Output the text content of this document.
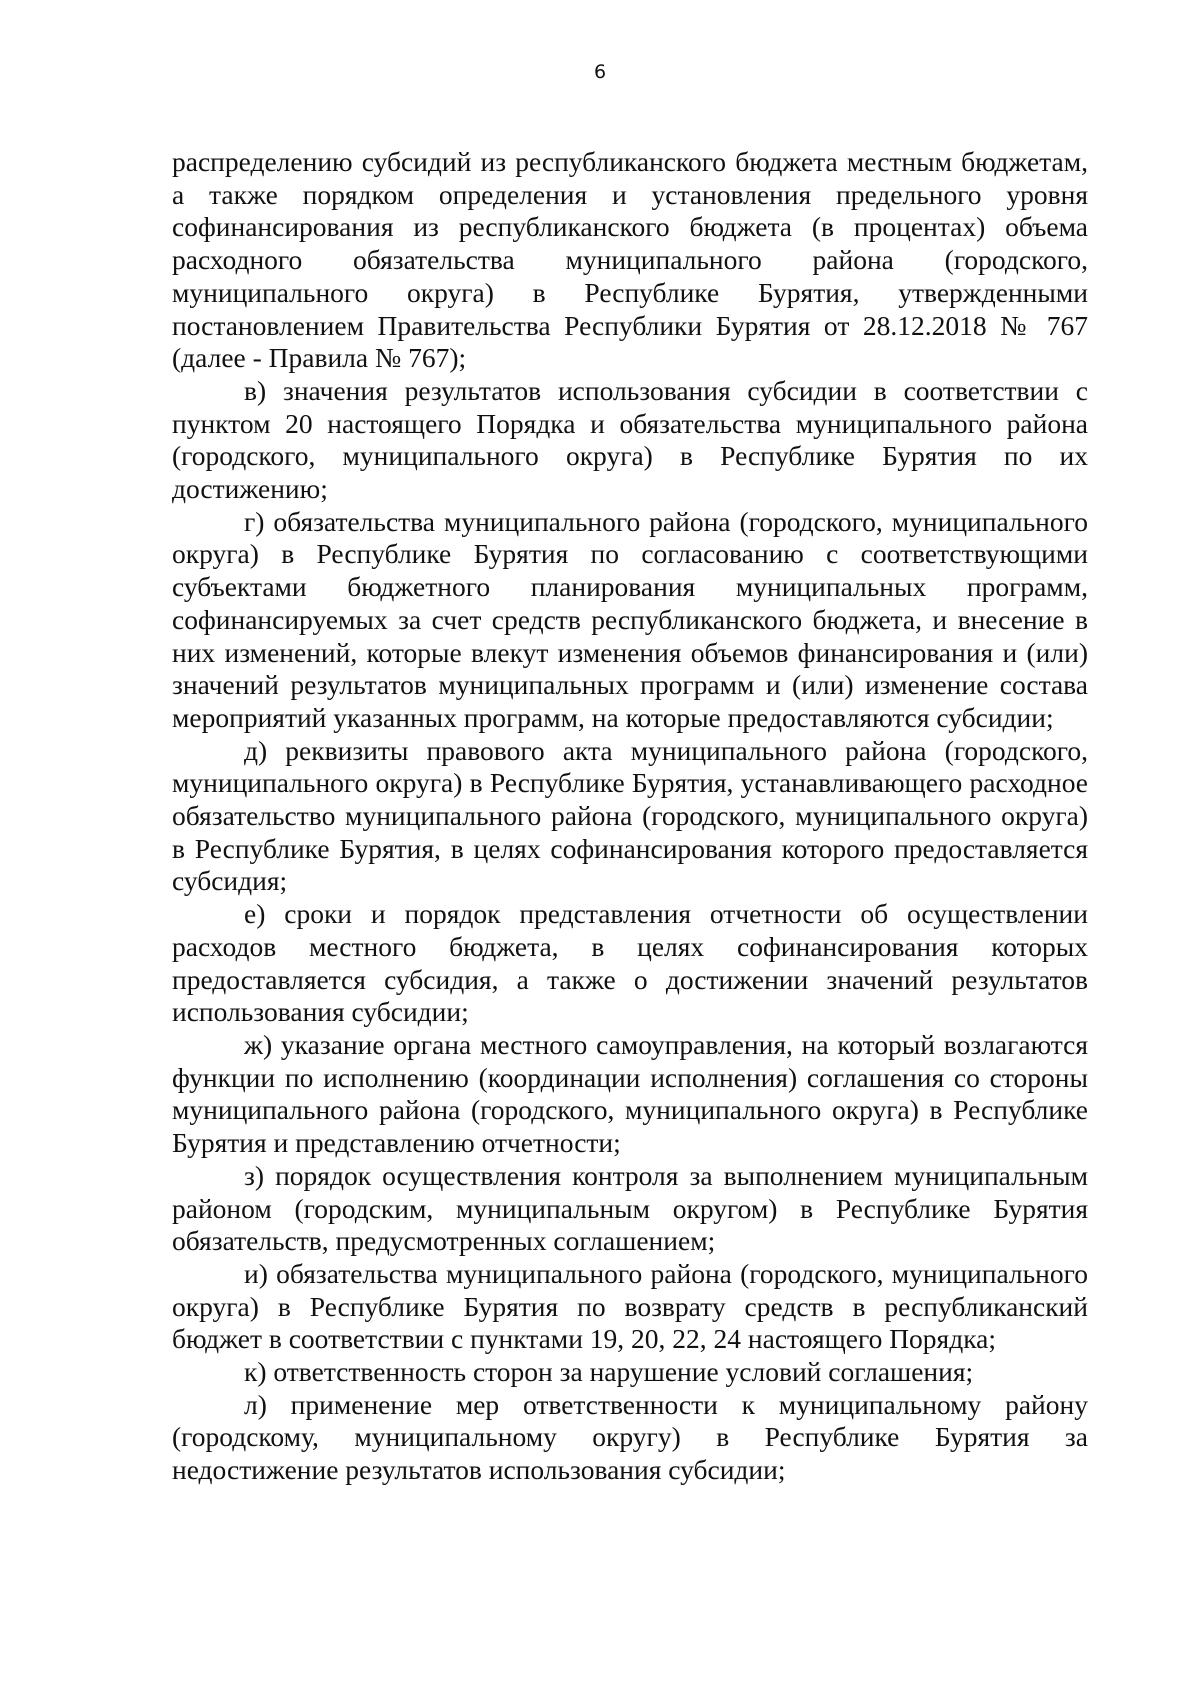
6

распределению субсидий из республиканского бюджета местным бюджетам, а также порядком определения и установления предельного уровня софинансирования из республиканского бюджета (в процентах) объема расходного обязательства муниципального района (городского, муниципального округа) в Республике Бурятия, утвержденными постановлением Правительства Республики Бурятия от 28.12.2018 № 767 (далее - Правила № 767);

в) значения результатов использования субсидии в соответствии с пунктом 20 настоящего Порядка и обязательства муниципального района (городского, муниципального округа) в Республике Бурятия по их достижению;

г) обязательства муниципального района (городского, муниципального округа) в Республике Бурятия по согласованию с соответствующими субъектами бюджетного планирования муниципальных программ, софинансируемых за счет средств республиканского бюджета, и внесение в них изменений, которые влекут изменения объемов финансирования и (или) значений результатов муниципальных программ и (или) изменение состава мероприятий указанных программ, на которые предоставляются субсидии;

д) реквизиты правового акта муниципального района (городского, муниципального округа) в Республике Бурятия, устанавливающего расходное обязательство муниципального района (городского, муниципального округа) в Республике Бурятия, в целях софинансирования которого предоставляется субсидия;

е) сроки и порядок представления отчетности об осуществлении расходов местного бюджета, в целях софинансирования которых предоставляется субсидия, а также о достижении значений результатов использования субсидии;

ж) указание органа местного самоуправления, на который возлагаются функции по исполнению (координации исполнения) соглашения со стороны муниципального района (городского, муниципального округа) в Республике Бурятия и представлению отчетности;

з) порядок осуществления контроля за выполнением муниципальным районом (городским, муниципальным округом) в Республике Бурятия обязательств, предусмотренных соглашением;

и) обязательства муниципального района (городского, муниципального округа) в Республике Бурятия по возврату средств в республиканский бюджет в соответствии с пунктами 19, 20, 22, 24 настоящего Порядка;

к) ответственность сторон за нарушение условий соглашения;

л) применение мер ответственности к муниципальному району (городскому, муниципальному округу) в Республике Бурятия за недостижение результатов использования субсидии;
